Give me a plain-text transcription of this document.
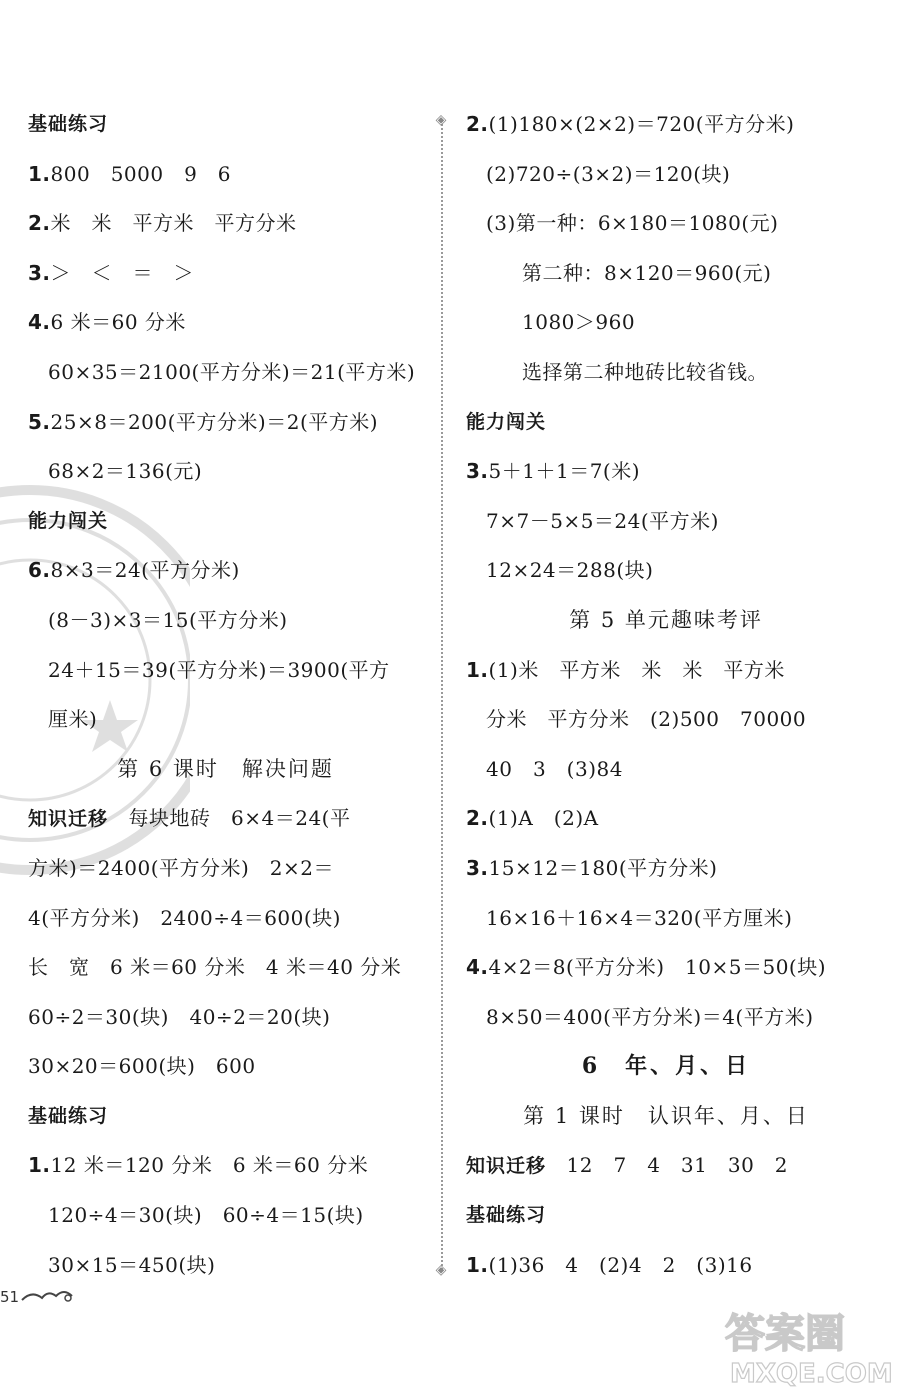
基础练习
1.800　5000　9　6
2.米　米　平方米　平方分米
3.＞　＜　＝　＞
4.6 米＝60 分米
60×35＝2100(平方分米)＝21(平方米)
5.25×8＝200(平方分米)＝2(平方米)
68×2＝136(元)
能力闯关
6.8×3＝24(平方分米)
(8－3)×3＝15(平方分米)
24＋15＝39(平方分米)＝3900(平方
厘米)
第 6 课时　解决问题
知识迁移　每块地砖　6×4＝24(平
方米)＝2400(平方分米)　2×2＝
4(平方分米)　2400÷4＝600(块)
长　宽　6 米＝60 分米　4 米＝40 分米
60÷2＝30(块)　40÷2＝20(块)
30×20＝600(块)　600
基础练习
1.12 米＝120 分米　6 米＝60 分米
120÷4＝30(块)　60÷4＝15(块)
30×15＝450(块)
◈
◈
2.(1)180×(2×2)＝720(平方分米)
(2)720÷(3×2)＝120(块)
(3)第一种：6×180＝1080(元)
第二种：8×120＝960(元)
1080＞960
选择第二种地砖比较省钱。
能力闯关
3.5＋1＋1＝7(米)
7×7－5×5＝24(平方米)
12×24＝288(块)
第 5 单元趣味考评
1.(1)米　平方米　米　米　平方米
分米　平方分米　(2)500　70000
40　3　(3)84
2.(1)A　(2)A
3.15×12＝180(平方分米)
16×16＋16×4＝320(平方厘米)
4.4×2＝8(平方分米)　10×5＝50(块)
8×50＝400(平方分米)＝4(平方米)
6　年、月、日
第 1 课时　认识年、月、日
知识迁移　12　7　4　31　30　2
基础练习
1.(1)36　4　(2)4　2　(3)16
51
答案圈
MXQE.COM
